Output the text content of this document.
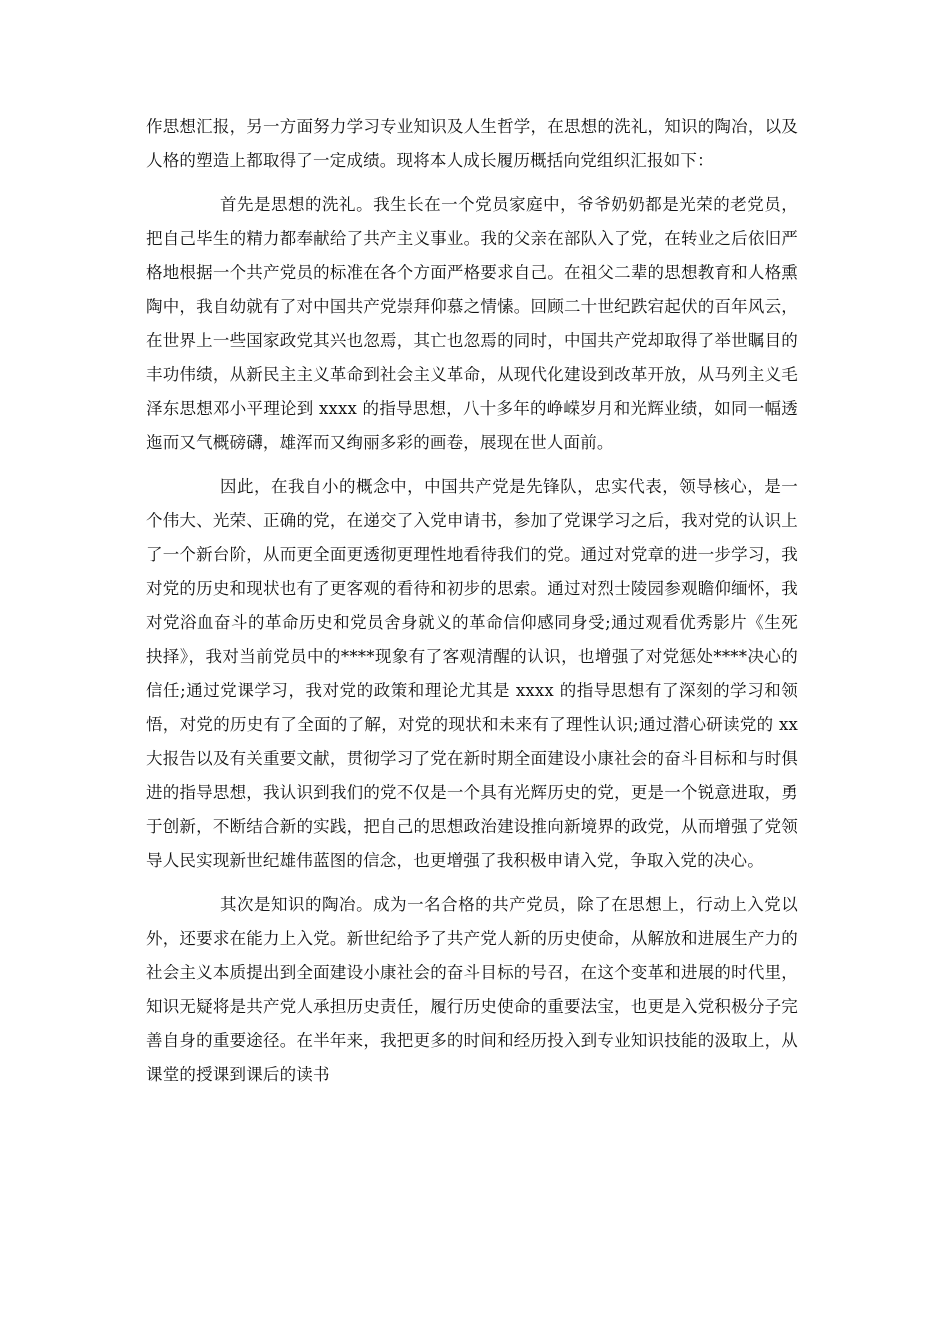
作思想汇报，另一方面努力学习专业知识及人生哲学，在思想的洗礼，知识的陶冶，以及人格的塑造上都取得了一定成绩。现将本人成长履历概括向党组织汇报如下：

首先是思想的洗礼。我生长在一个党员家庭中，爷爷奶奶都是光荣的老党员，把自己毕生的精力都奉献给了共产主义事业。我的父亲在部队入了党，在转业之后依旧严格地根据一个共产党员的标准在各个方面严格要求自己。在祖父二辈的思想教育和人格熏陶中，我自幼就有了对中国共产党崇拜仰慕之情愫。回顾二十世纪跌宕起伏的百年风云，在世界上一些国家政党其兴也忽焉，其亡也忽焉的同时，中国共产党却取得了举世瞩目的丰功伟绩，从新民主主义革命到社会主义革命，从现代化建设到改革开放，从马列主义毛泽东思想邓小平理论到 xxxx 的指导思想，八十多年的峥嵘岁月和光辉业绩，如同一幅透迤而又气概磅礴，雄浑而又绚丽多彩的画卷，展现在世人面前。

因此，在我自小的概念中，中国共产党是先锋队，忠实代表，领导核心，是一个伟大、光荣、正确的党，在递交了入党申请书，参加了党课学习之后，我对党的认识上了一个新台阶，从而更全面更透彻更理性地看待我们的党。通过对党章的进一步学习，我对党的历史和现状也有了更客观的看待和初步的思索。通过对烈士陵园参观瞻仰缅怀，我对党浴血奋斗的革命历史和党员舍身就义的革命信仰感同身受;通过观看优秀影片《生死抉择》，我对当前党员中的****现象有了客观清醒的认识，也增强了对党惩处****决心的信任;通过党课学习，我对党的政策和理论尤其是 xxxx 的指导思想有了深刻的学习和领悟，对党的历史有了全面的了解，对党的现状和未来有了理性认识;通过潜心研读党的 xx 大报告以及有关重要文献，贯彻学习了党在新时期全面建设小康社会的奋斗目标和与时俱进的指导思想，我认识到我们的党不仅是一个具有光辉历史的党，更是一个锐意进取，勇于创新，不断结合新的实践，把自己的思想政治建设推向新境界的政党，从而增强了党领导人民实现新世纪雄伟蓝图的信念，也更增强了我积极申请入党，争取入党的决心。

其次是知识的陶冶。成为一名合格的共产党员，除了在思想上，行动上入党以外，还要求在能力上入党。新世纪给予了共产党人新的历史使命，从解放和进展生产力的社会主义本质提出到全面建设小康社会的奋斗目标的号召，在这个变革和进展的时代里，知识无疑将是共产党人承担历史责任，履行历史使命的重要法宝，也更是入党积极分子完善自身的重要途径。在半年来，我把更多的时间和经历投入到专业知识技能的汲取上，从课堂的授课到课后的读书
